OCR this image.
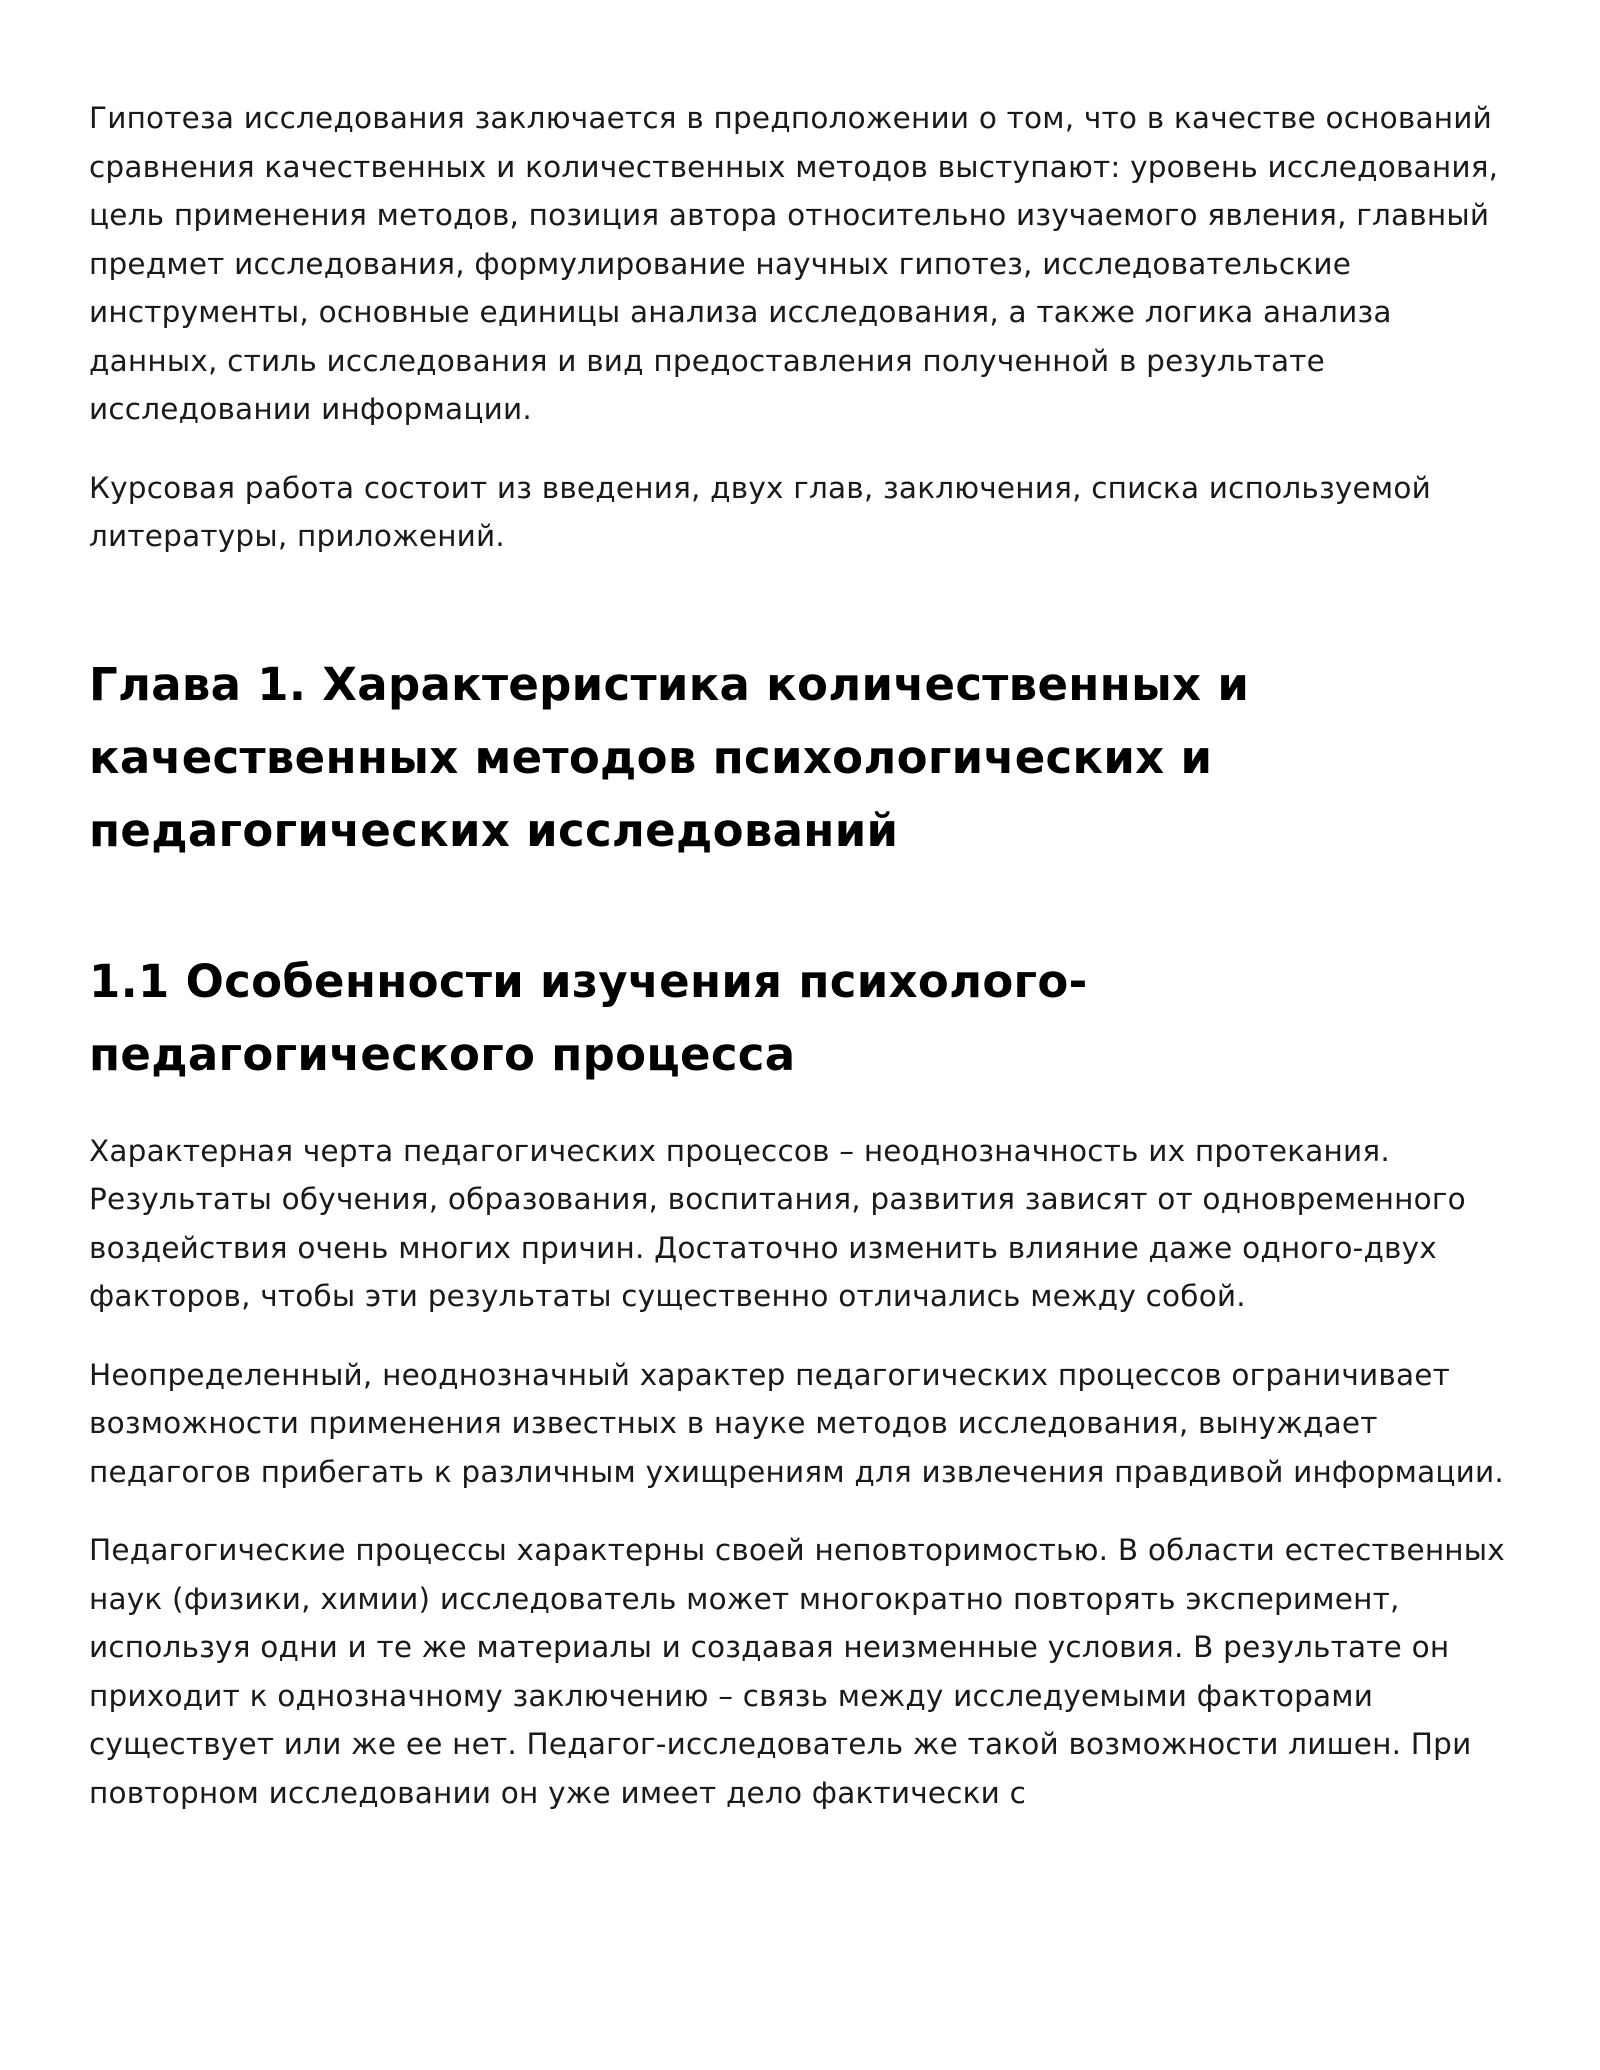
Гипотеза исследования заключается в предположении о том, что в качестве оснований сравнения качественных и количественных методов выступают: уровень исследования, цель применения методов, позиция автора относительно изучаемого явления, главный предмет исследования, формулирование научных гипотез, исследовательские инструменты, основные единицы анализа исследования, а также логика анализа данных, стиль исследования и вид предоставления полученной в результате исследовании информации.

Курсовая работа состоит из введения, двух глав, заключения, списка используемой литературы, приложений.

Глава 1. Характеристика количественных и качественных методов психологических и педагогических исследований
1.1 Особенности изучения психолого-педагогического процесса

Характерная черта педагогических процессов – неоднозначность их протекания. Результаты обучения, образования, воспитания, развития зависят от одновременного воздействия очень многих причин. Достаточно изменить влияние даже одного-двух факторов, чтобы эти результаты существенно отличались между собой.

Неопределенный, неоднозначный характер педагогических процессов ограничивает возможности применения известных в науке методов исследования, вынуждает педагогов прибегать к различным ухищрениям для извлечения правдивой информации.

Педагогические процессы характерны своей неповторимостью. В области естественных наук (физики, химии) исследователь может многократно повторять эксперимент, используя одни и те же материалы и создавая неизменные условия. В результате он приходит к однозначному заключению – связь между исследуемыми факторами существует или же ее нет. Педагог-исследователь же такой возможности лишен. При повторном исследовании он уже имеет дело фактически с
